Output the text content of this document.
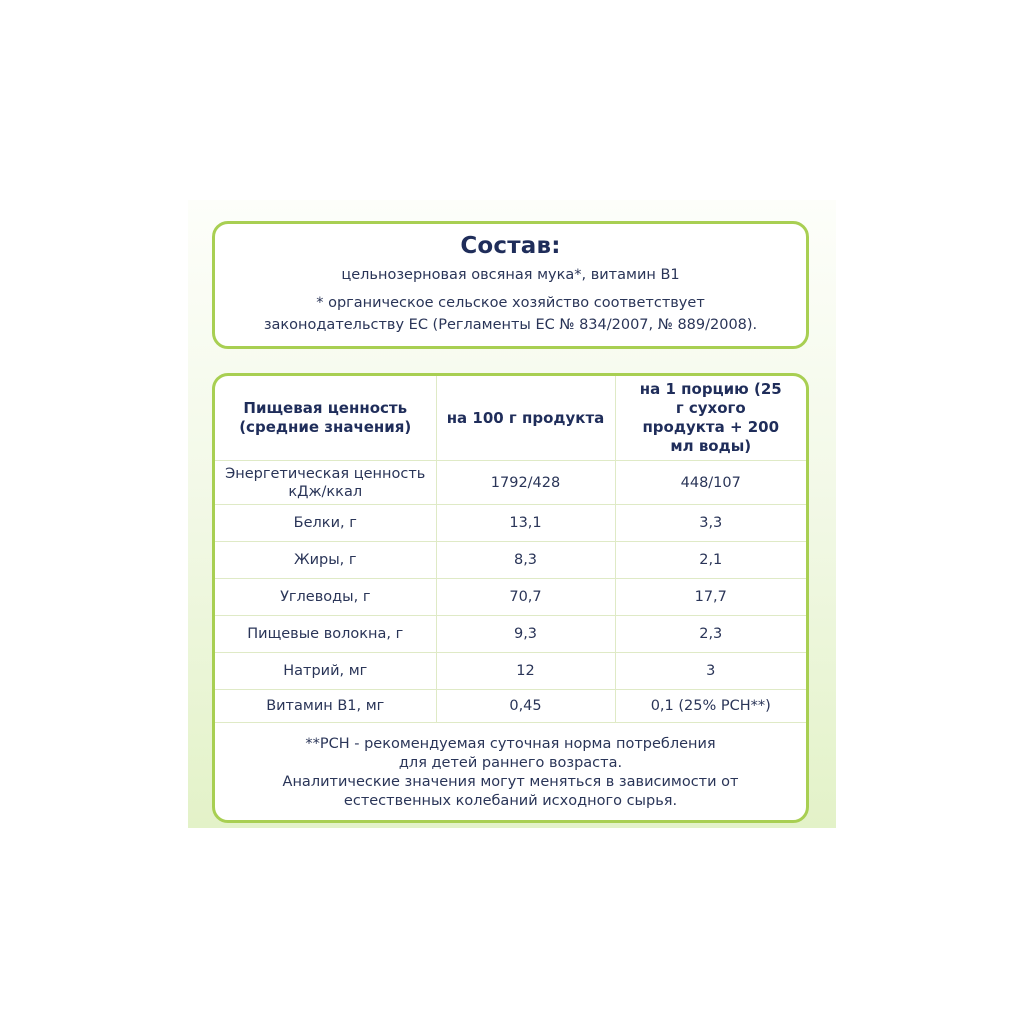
Состав:
цельнозерновая овсяная мука*, витамин В1
* органическое сельское хозяйство соответствует
законодательству ЕС (Регламенты ЕС № 834/2007, № 889/2008).
Пищевая ценность (средние значения)	на 100 г продукта	на 1 порцию (25 г сухого продукта + 200 мл воды)
Энергетическая ценность кДж/ккал	1792/428	448/107
Белки, г	13,1	3,3
Жиры, г	8,3	2,1
Углеводы, г	70,7	17,7
Пищевые волокна, г	9,3	2,3
Натрий, мг	12	3
Витамин В1, мг	0,45	0,1 (25% РСН**)
**РСН - рекомендуемая суточная норма потребления
для детей раннего возраста.
Аналитические значения могут меняться в зависимости от
естественных колебаний исходного сырья.
